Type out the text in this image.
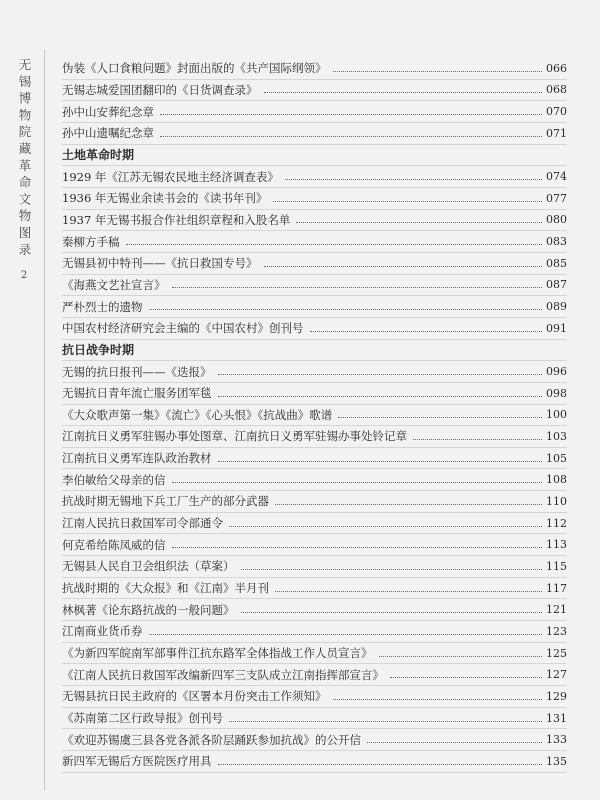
无锡博物院藏革命文物图录
2
伪装《人口食粮问题》封面出版的《共产国际纲领》	066
无锡志城爱国团翻印的《日货调查录》	068
孙中山安葬纪念章	070
孙中山遗嘱纪念章	071
土地革命时期
1929 年《江苏无锡农民地主经济调查表》	074
1936 年无锡业余读书会的《读书年刊》	077
1937 年无锡书报合作社组织章程和入股名单	080
秦柳方手稿	083
无锡县初中特刊——《抗日救国专号》	085
《海燕文艺社宣言》	087
严朴烈士的遗物	089
中国农村经济研究会主编的《中国农村》创刊号	091
抗日战争时期
无锡的抗日报刊——《迭报》	096
无锡抗日青年流亡服务团军毯	098
《大众歌声第一集》《流亡》《心头恨》《抗战曲》歌谱	100
江南抗日义勇军驻锡办事处图章、江南抗日义勇军驻锡办事处铃记章	103
江南抗日义勇军连队政治教材	105
李伯敏给父母亲的信	108
抗战时期无锡地下兵工厂生产的部分武器	110
江南人民抗日救国军司令部通令	112
何克希给陈凤威的信	113
无锡县人民自卫会组织法（草案）	115
抗战时期的《大众报》和《江南》半月刊	117
林枫著《论东路抗战的一般问题》	121
江南商业货币券	123
《为新四军皖南军部事件江抗东路军全体指战工作人员宣言》	125
《江南人民抗日救国军改编新四军三支队成立江南指挥部宣言》	127
无锡县抗日民主政府的《区署本月份突击工作须知》	129
《苏南第二区行政导报》创刊号	131
《欢迎苏锡虞三县各党各派各阶层踊跃参加抗战》的公开信	133
新四军无锡后方医院医疗用具	135
